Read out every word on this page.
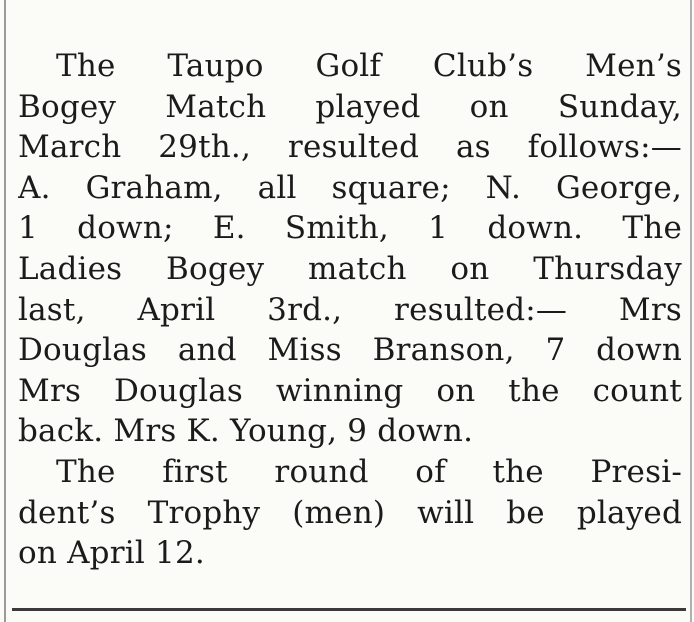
The Taupo Golf Club’s Men’s
Bogey Match played on Sunday,
March 29th., resulted as follows:—
A. Graham, all square; N. George,
1 down; E. Smith, 1 down. The
Ladies Bogey match on Thursday
last, April 3rd., resulted:— Mrs
Douglas and Miss Branson, 7 down
Mrs Douglas winning on the count
back. Mrs K. Young, 9 down.
The first round of the Presi-
dent’s Trophy (men) will be played
on April 12.
